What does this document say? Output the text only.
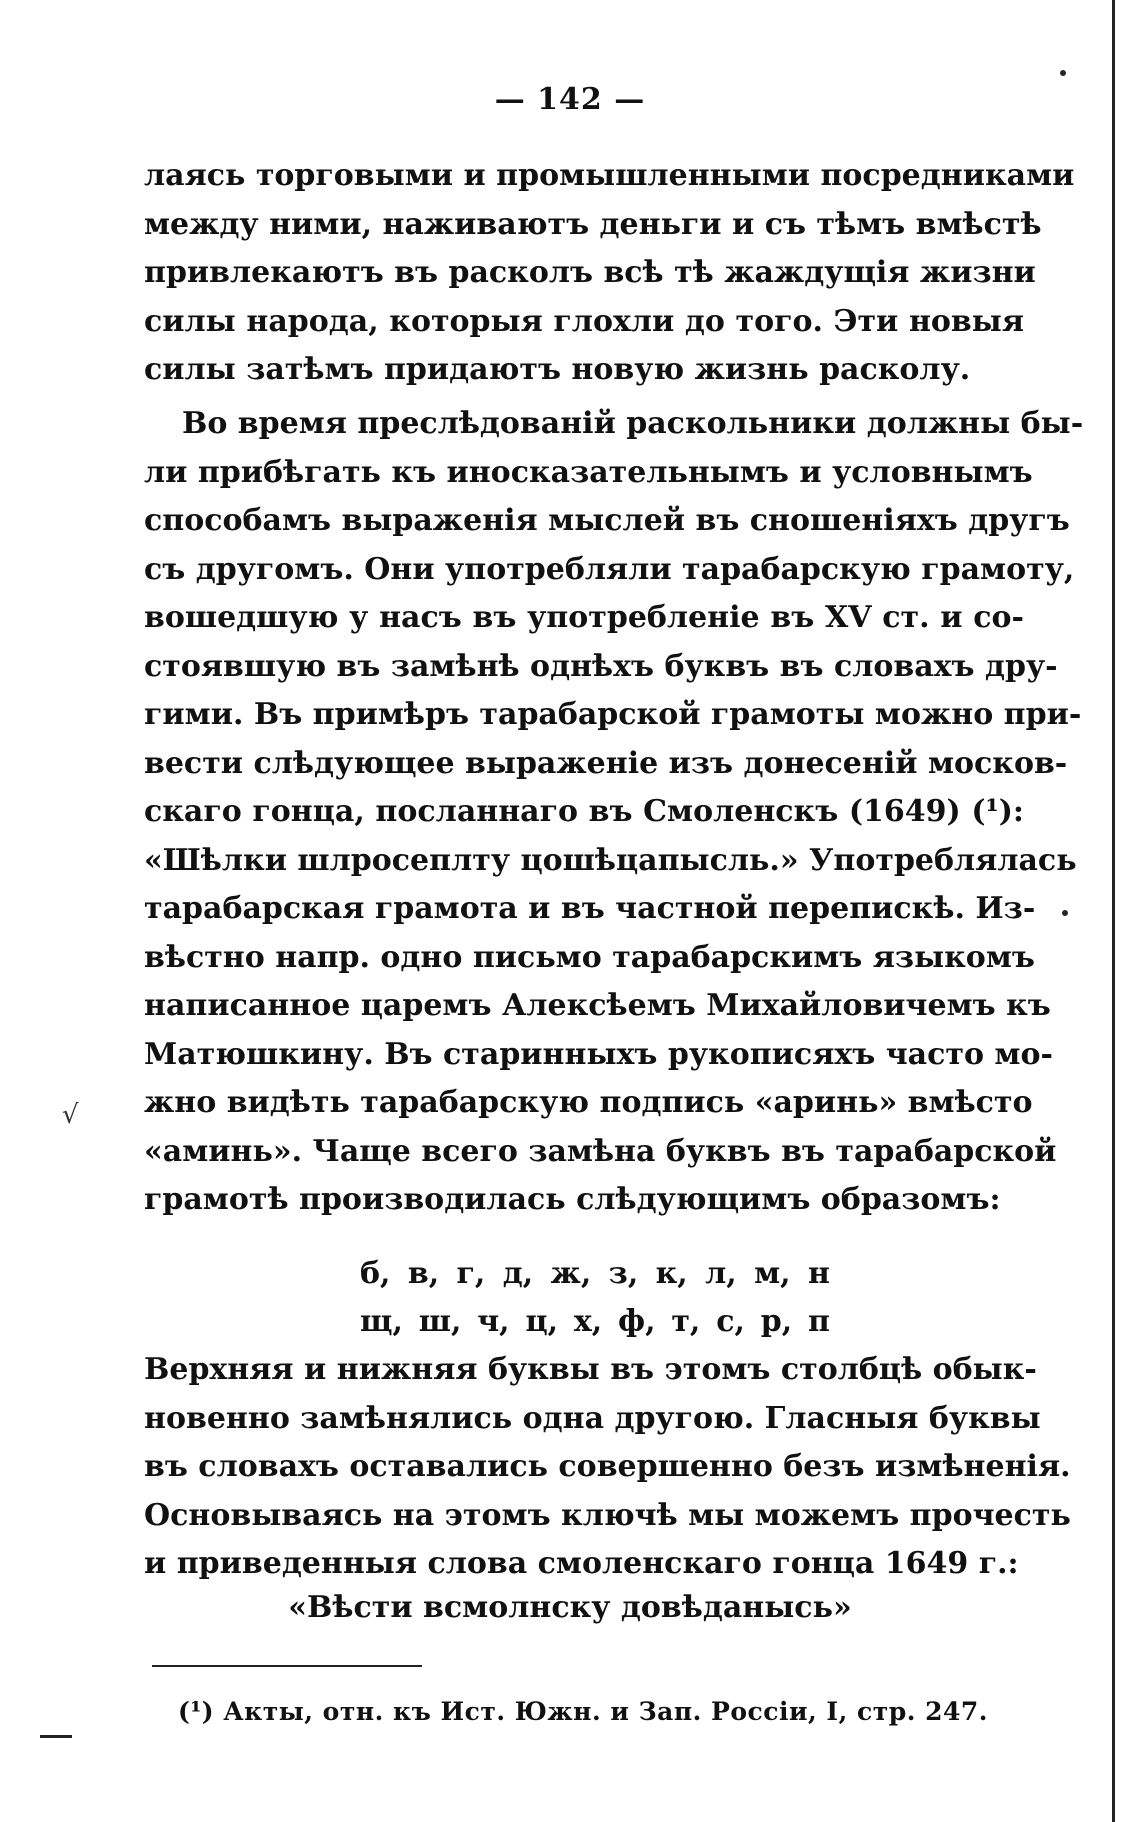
— 142 —
лаясь торговыми и промышленными посредниками
между ними, наживаютъ деньги и съ тѣмъ вмѣстѣ
привлекаютъ въ расколъ всѣ тѣ жаждущія жизни
силы народа, которыя глохли до того. Эти новыя
силы затѣмъ придаютъ новую жизнь расколу.
Во время преслѣдованій раскольники должны бы-
ли прибѣгать къ иносказательнымъ и условнымъ
способамъ выраженія мыслей въ сношеніяхъ другъ
съ другомъ. Они употребляли тарабарскую грамоту,
вошедшую у насъ въ употребленіе въ XV ст. и со-
стоявшую въ замѣнѣ однѣхъ буквъ въ словахъ дру-
гими. Въ примѣръ тарабарской грамоты можно при-
вести слѣдующее выраженіе изъ донесеній москов-
скаго гонца, посланнаго въ Смоленскъ (1649) (¹):
«Шѣлки шлросеплту цошѣцапысль.» Употреблялась
тарабарская грамота и въ частной перепискѣ. Из-
вѣстно напр. одно письмо тарабарскимъ языкомъ
написанное царемъ Алексѣемъ Михайловичемъ къ
Матюшкину. Въ старинныхъ рукописяхъ часто мо-
жно видѣть тарабарскую подпись «аринь» вмѣсто
«аминь». Чаще всего замѣна буквъ въ тарабарской
грамотѣ производилась слѣдующимъ образомъ:
б, в, г, д, ж, з, к, л, м, н
щ, ш, ч, ц, х, ф, т, с, р, п
Верхняя и нижняя буквы въ этомъ столбцѣ обык-
новенно замѣнялись одна другою. Гласныя буквы
въ словахъ оставались совершенно безъ измѣненія.
Основываясь на этомъ ключѣ мы можемъ прочесть
и приведенныя слова смоленскаго гонца 1649 г.:
«Вѣсти всмолнску довѣданысь»
(¹) Акты, отн. къ Ист. Южн. и Зап. Россіи, I, стр. 247.
√
